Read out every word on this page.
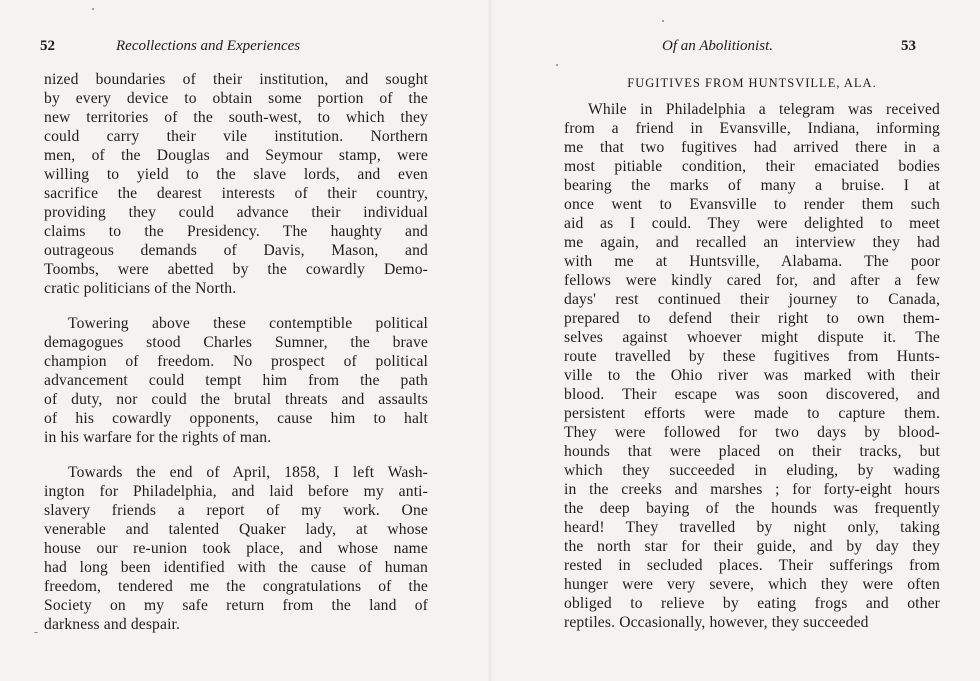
52	Recollections and Experiences

nized boundaries of their institution, and sought

by every device to obtain some portion of the

new territories of the south-west, to which they

could carry their vile institution. Northern

men, of the Douglas and Seymour stamp, were

willing to yield to the slave lords, and even

sacrifice the dearest interests of their country,

providing they could advance their individual

claims to the Presidency. The haughty and

outrageous demands of Davis, Mason, and

Toombs, were abetted by the cowardly Demo-

cratic politicians of the North.

Towering above these contemptible political

demagogues stood Charles Sumner, the brave

champion of freedom. No prospect of political

advancement could tempt him from the path

of duty, nor could the brutal threats and assaults

of his cowardly opponents, cause him to halt

in his warfare for the rights of man.

Towards the end of April, 1858, I left Wash-

ington for Philadelphia, and laid before my anti-

slavery friends a report of my work. One

venerable and talented Quaker lady, at whose

house our re-union took place, and whose name

had long been identified with the cause of human

freedom, tendered me the congratulations of the

Society on my safe return from the land of

darkness and despair.

Of an Abolitionist.	53
FUGITIVES FROM HUNTSVILLE, ALA.

While in Philadelphia a telegram was received

from a friend in Evansville, Indiana, informing

me that two fugitives had arrived there in a

most pitiable condition, their emaciated bodies

bearing the marks of many a bruise. I at

once went to Evansville to render them such

aid as I could. They were delighted to meet

me again, and recalled an interview they had

with me at Huntsville, Alabama. The poor

fellows were kindly cared for, and after a few

days' rest continued their journey to Canada,

prepared to defend their right to own them-

selves against whoever might dispute it. The

route travelled by these fugitives from Hunts-

ville to the Ohio river was marked with their

blood. Their escape was soon discovered, and

persistent efforts were made to capture them.

They were followed for two days by blood-

hounds that were placed on their tracks, but

which they succeeded in eluding, by wading

in the creeks and marshes ; for forty-eight hours

the deep baying of the hounds was frequently

heard! They travelled by night only, taking

the north star for their guide, and by day they

rested in secluded places. Their sufferings from

hunger were very severe, which they were often

obliged to relieve by eating frogs and other

reptiles. Occasionally, however, they succeeded
